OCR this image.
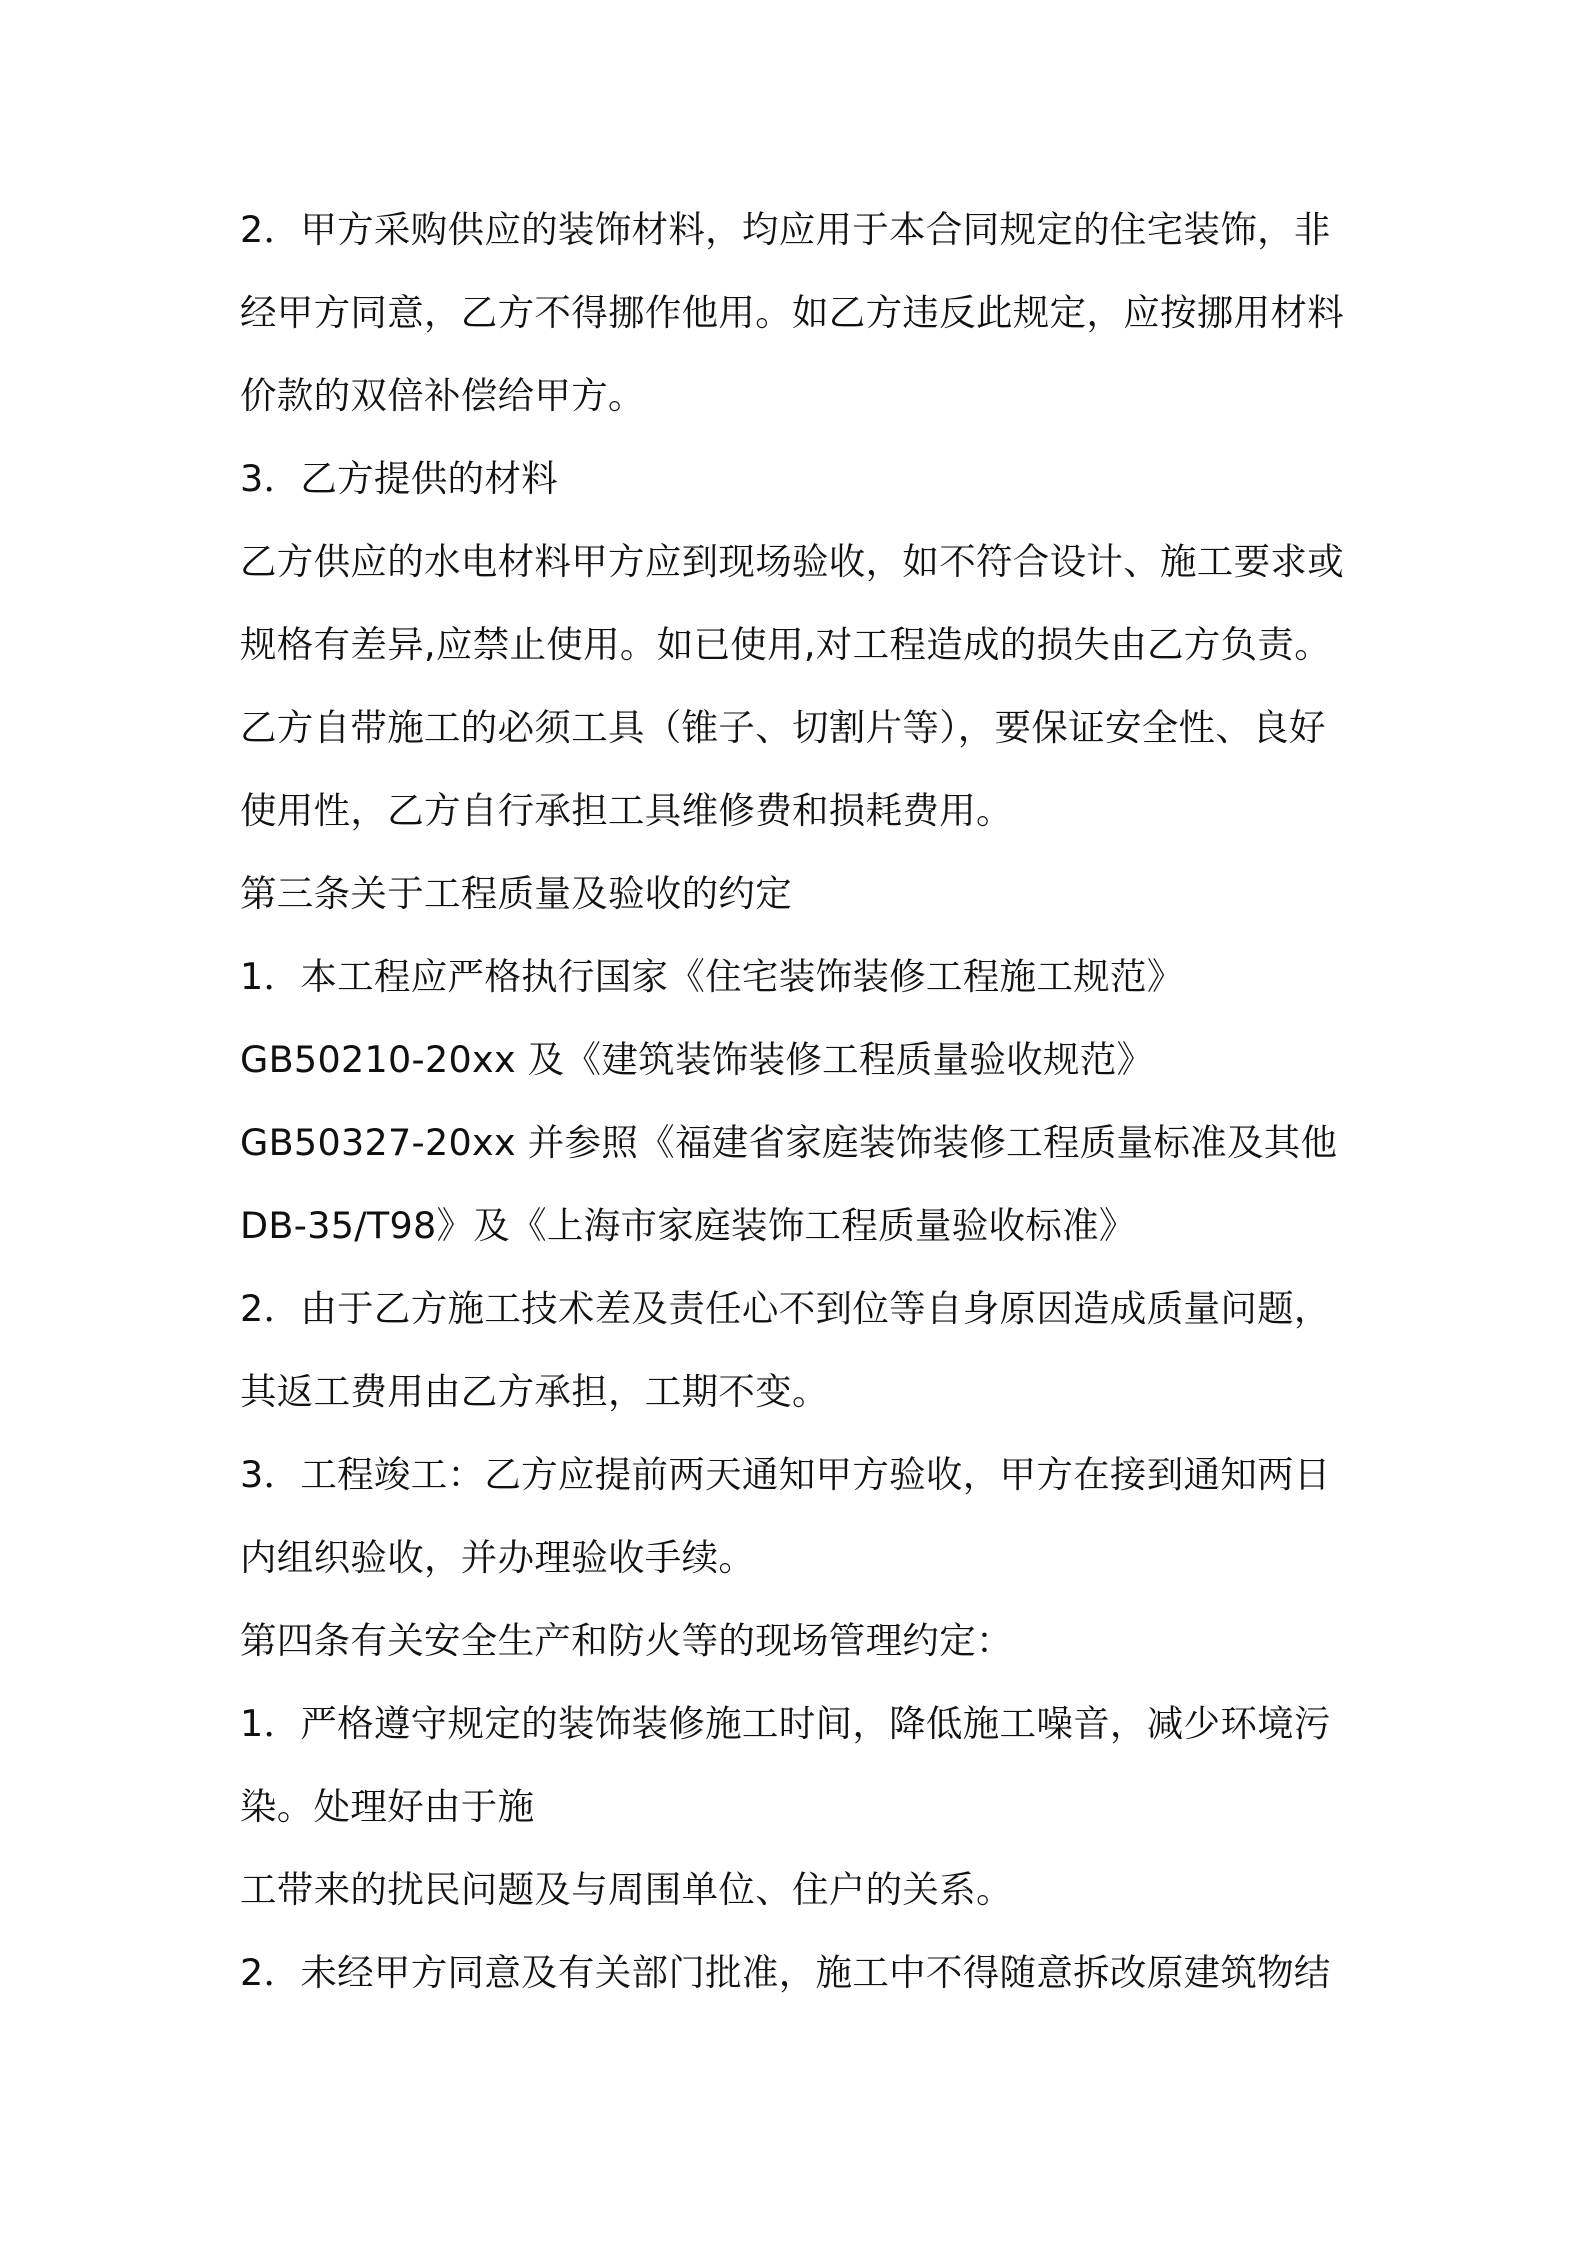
2．甲方采购供应的装饰材料，均应用于本合同规定的住宅装饰，非
经甲方同意，乙方不得挪作他用。如乙方违反此规定，应按挪用材料
价款的双倍补偿给甲方。
3．乙方提供的材料
乙方供应的水电材料甲方应到现场验收，如不符合设计、施工要求或
规格有差异,应禁止使用。如已使用,对工程造成的损失由乙方负责。
乙方自带施工的必须工具（锥子、切割片等），要保证安全性、良好
使用性，乙方自行承担工具维修费和损耗费用。
第三条关于工程质量及验收的约定
1．本工程应严格执行国家《住宅装饰装修工程施工规范》
GB50210-20xx 及《建筑装饰装修工程质量验收规范》
GB50327-20xx 并参照《福建省家庭装饰装修工程质量标准及其他
DB-35/T98》及《上海市家庭装饰工程质量验收标准》
2．由于乙方施工技术差及责任心不到位等自身原因造成质量问题，
其返工费用由乙方承担，工期不变。
3．工程竣工：乙方应提前两天通知甲方验收，甲方在接到通知两日
内组织验收，并办理验收手续。
第四条有关安全生产和防火等的现场管理约定：
1．严格遵守规定的装饰装修施工时间，降低施工噪音，减少环境污
染。处理好由于施
工带来的扰民问题及与周围单位、住户的关系。
2．未经甲方同意及有关部门批准，施工中不得随意拆改原建筑物结
